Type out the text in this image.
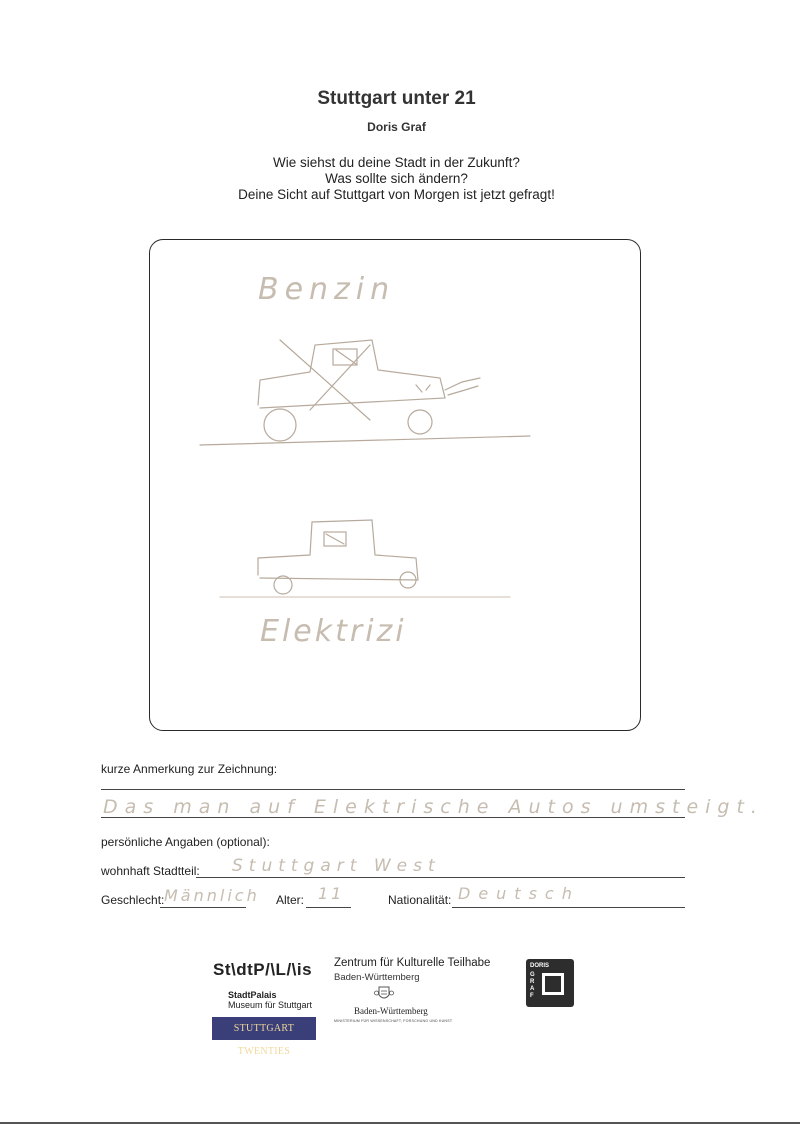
Stuttgart unter 21
Doris Graf
Wie siehst du deine Stadt in der Zukunft?
Was sollte sich ändern?
Deine Sicht auf Stuttgart von Morgen ist jetzt gefragt!
Benzin
Elektrizi
kurze Anmerkung zur Zeichnung:
Das man auf Elektrische Autos umsteigt.
persönliche Angaben (optional):
wohnhaft Stadtteil: Stuttgart West
Geschlecht: Männlich Alter: 11	Nationalität: Deutsch
St\dtP/\L/\is
StadtPalais
Museum für Stuttgart
STUTTGART TWENTIES
Zentrum für Kulturelle Teilhabe
Baden-Württemberg
Baden-Württemberg
MINISTERIUM FÜR WISSENSCHAFT, FORSCHUNG UND KUNST
DORIS
G
R
A
F
